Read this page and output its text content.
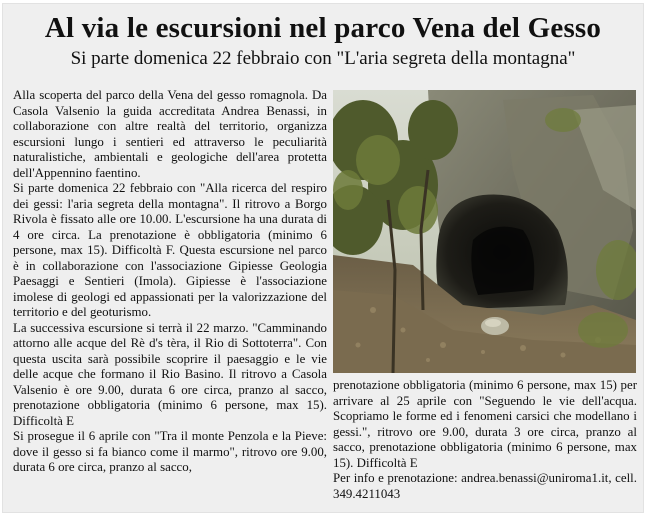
Al via le escursioni nel parco Vena del Gesso
Si parte domenica 22 febbraio con "L'aria segreta della montagna"

Alla scoperta del parco della Vena del gesso romagnola. Da Casola Valsenio la guida accreditata Andrea Benassi, in collaborazione con altre realtà del territorio, organizza escursioni lungo i sentieri ed attraverso le peculiarità naturalistiche, ambientali e geologiche dell'area protetta dell'Appennino faentino.

Si parte domenica 22 febbraio con "Alla ricerca del respiro dei gessi: l'aria segreta della montagna". Il ritrovo a Borgo Rivola è fissato alle ore 10.00. L'escursione ha una durata di 4 ore circa. La prenotazione è obbligatoria (minimo 6 persone, max 15). Difficoltà F. Questa escursione nel parco è in collaborazione con l'associazione Gipiesse Geologia Paesaggi e Sentieri (Imola). Gipiesse è l'associazione imolese di geologi ed appassionati per la valorizzazione del territorio e del geoturismo.

La successiva escursione si terrà il 22 marzo. "Camminando attorno alle acque del Rè d's tèra, il Rio di Sottoterra". Con questa uscita sarà possibile scoprire il paesaggio e le vie delle acque che formano il Rio Basino. Il ritrovo a Casola Valsenio è ore 9.00, durata 6 ore circa, pranzo al sacco, prenotazione obbligatoria (minimo 6 persone, max 15). Difficoltà E

Si prosegue il 6 aprile con "Tra il monte Penzola e la Pieve: dove il gesso si fa bianco come il marmo", ritrovo ore 9.00, durata 6 ore circa, pranzo al sacco,

prenotazione obbligatoria (minimo 6 persone, max 15) per arrivare al 25 aprile con "Seguendo le vie dell'acqua. Scopriamo le forme ed i fenomeni carsici che modellano i gessi.", ritrovo ore 9.00, durata 3 ore circa, pranzo al sacco, prenotazione obbligatoria (minimo 6 persone, max 15). Difficoltà E

Per info e prenotazione: andrea.benassi@uniroma1.it, cell. 349.4211043
